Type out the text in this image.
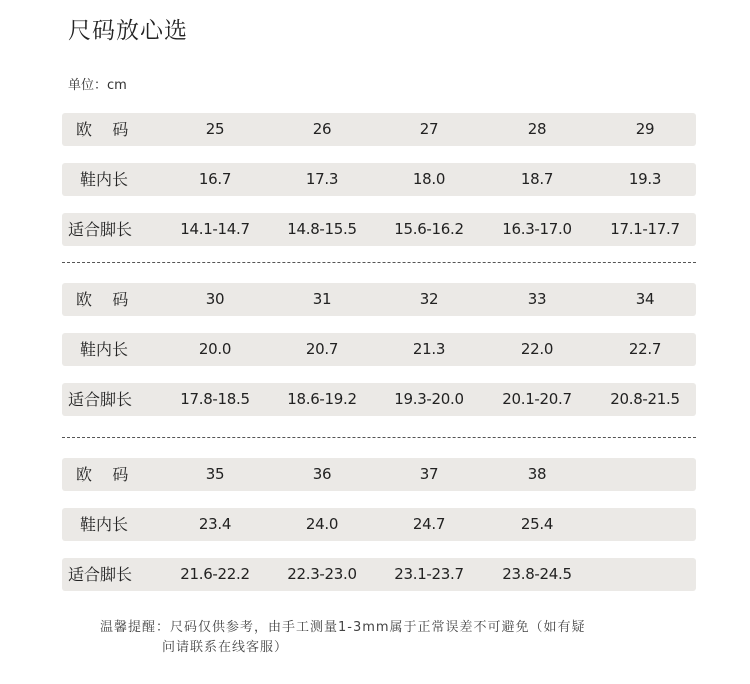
尺码放心选
单位：cm
欧    码	25	26	27	28	29
鞋内长	16.7	17.3	18.0	18.7	19.3
适合脚长	14.1-14.7	14.8-15.5	15.6-16.2	16.3-17.0	17.1-17.7
欧    码	30	31	32	33	34
鞋内长	20.0	20.7	21.3	22.0	22.7
适合脚长	17.8-18.5	18.6-19.2	19.3-20.0	20.1-20.7	20.8-21.5
欧    码	35	36	37	38
鞋内长	23.4	24.0	24.7	25.4
适合脚长	21.6-22.2	22.3-23.0	23.1-23.7	23.8-24.5
温馨提醒：尺码仅供参考，由手工测量1-3mm属于正常误差不可避免（如有疑
问请联系在线客服）
